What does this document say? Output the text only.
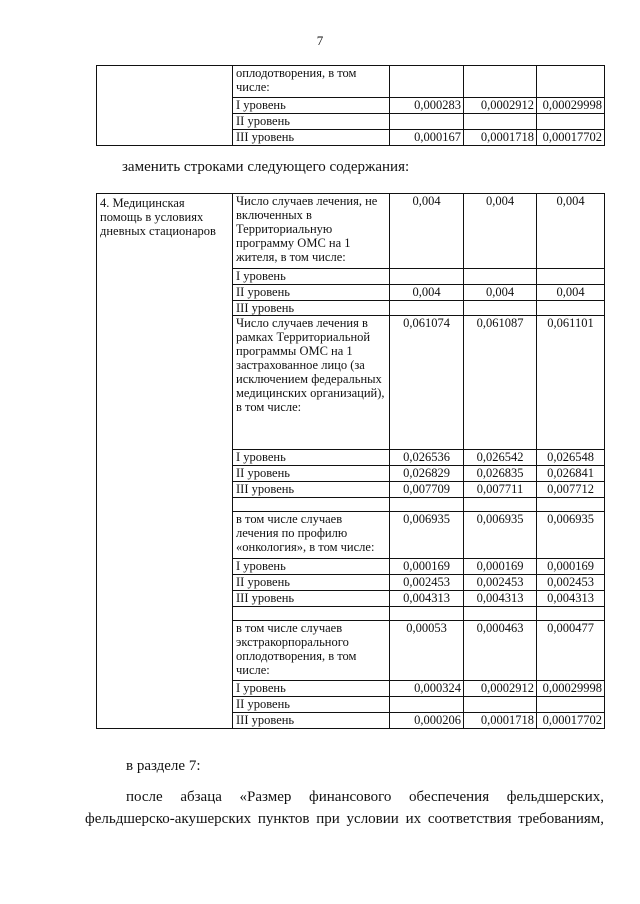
7
	оплодотворения, в том числе:			
	I уровень	0,000283	0,0002912	0,00029998
	II уровень			
	III уровень	0,000167	0,0001718	0,00017702
заменить строками следующего содержания:
4. Медицинская помощь в условиях дневных стационаров	Число случаев лечения, не включенных в Территориальную программу ОМС на 1 жителя, в том числе:	0,004	0,004	0,004
	I уровень			
	II уровень	0,004	0,004	0,004
	III уровень			
	Число случаев лечения в рамках Территориальной программы ОМС на 1 застрахованное лицо (за исключением федеральных медицинских организаций), в том числе:	0,061074	0,061087	0,061101
	I уровень	0,026536	0,026542	0,026548
	II уровень	0,026829	0,026835	0,026841
	III уровень	0,007709	0,007711	0,007712

	в том числе случаев лечения по профилю «онкология», в том числе:	0,006935	0,006935	0,006935
	I уровень	0,000169	0,000169	0,000169
	II уровень	0,002453	0,002453	0,002453
	III уровень	0,004313	0,004313	0,004313

	в том числе случаев экстракорпорального оплодотворения, в том числе:	0,00053	0,000463	0,000477
	I уровень	0,000324	0,0002912	0,00029998
	II уровень			
	III уровень	0,000206	0,0001718	0,00017702
в разделе 7:
после абзаца «Размер финансового обеспечения фельдшерских,
фельдшерско-акушерских пунктов при условии их соответствия требованиям,
